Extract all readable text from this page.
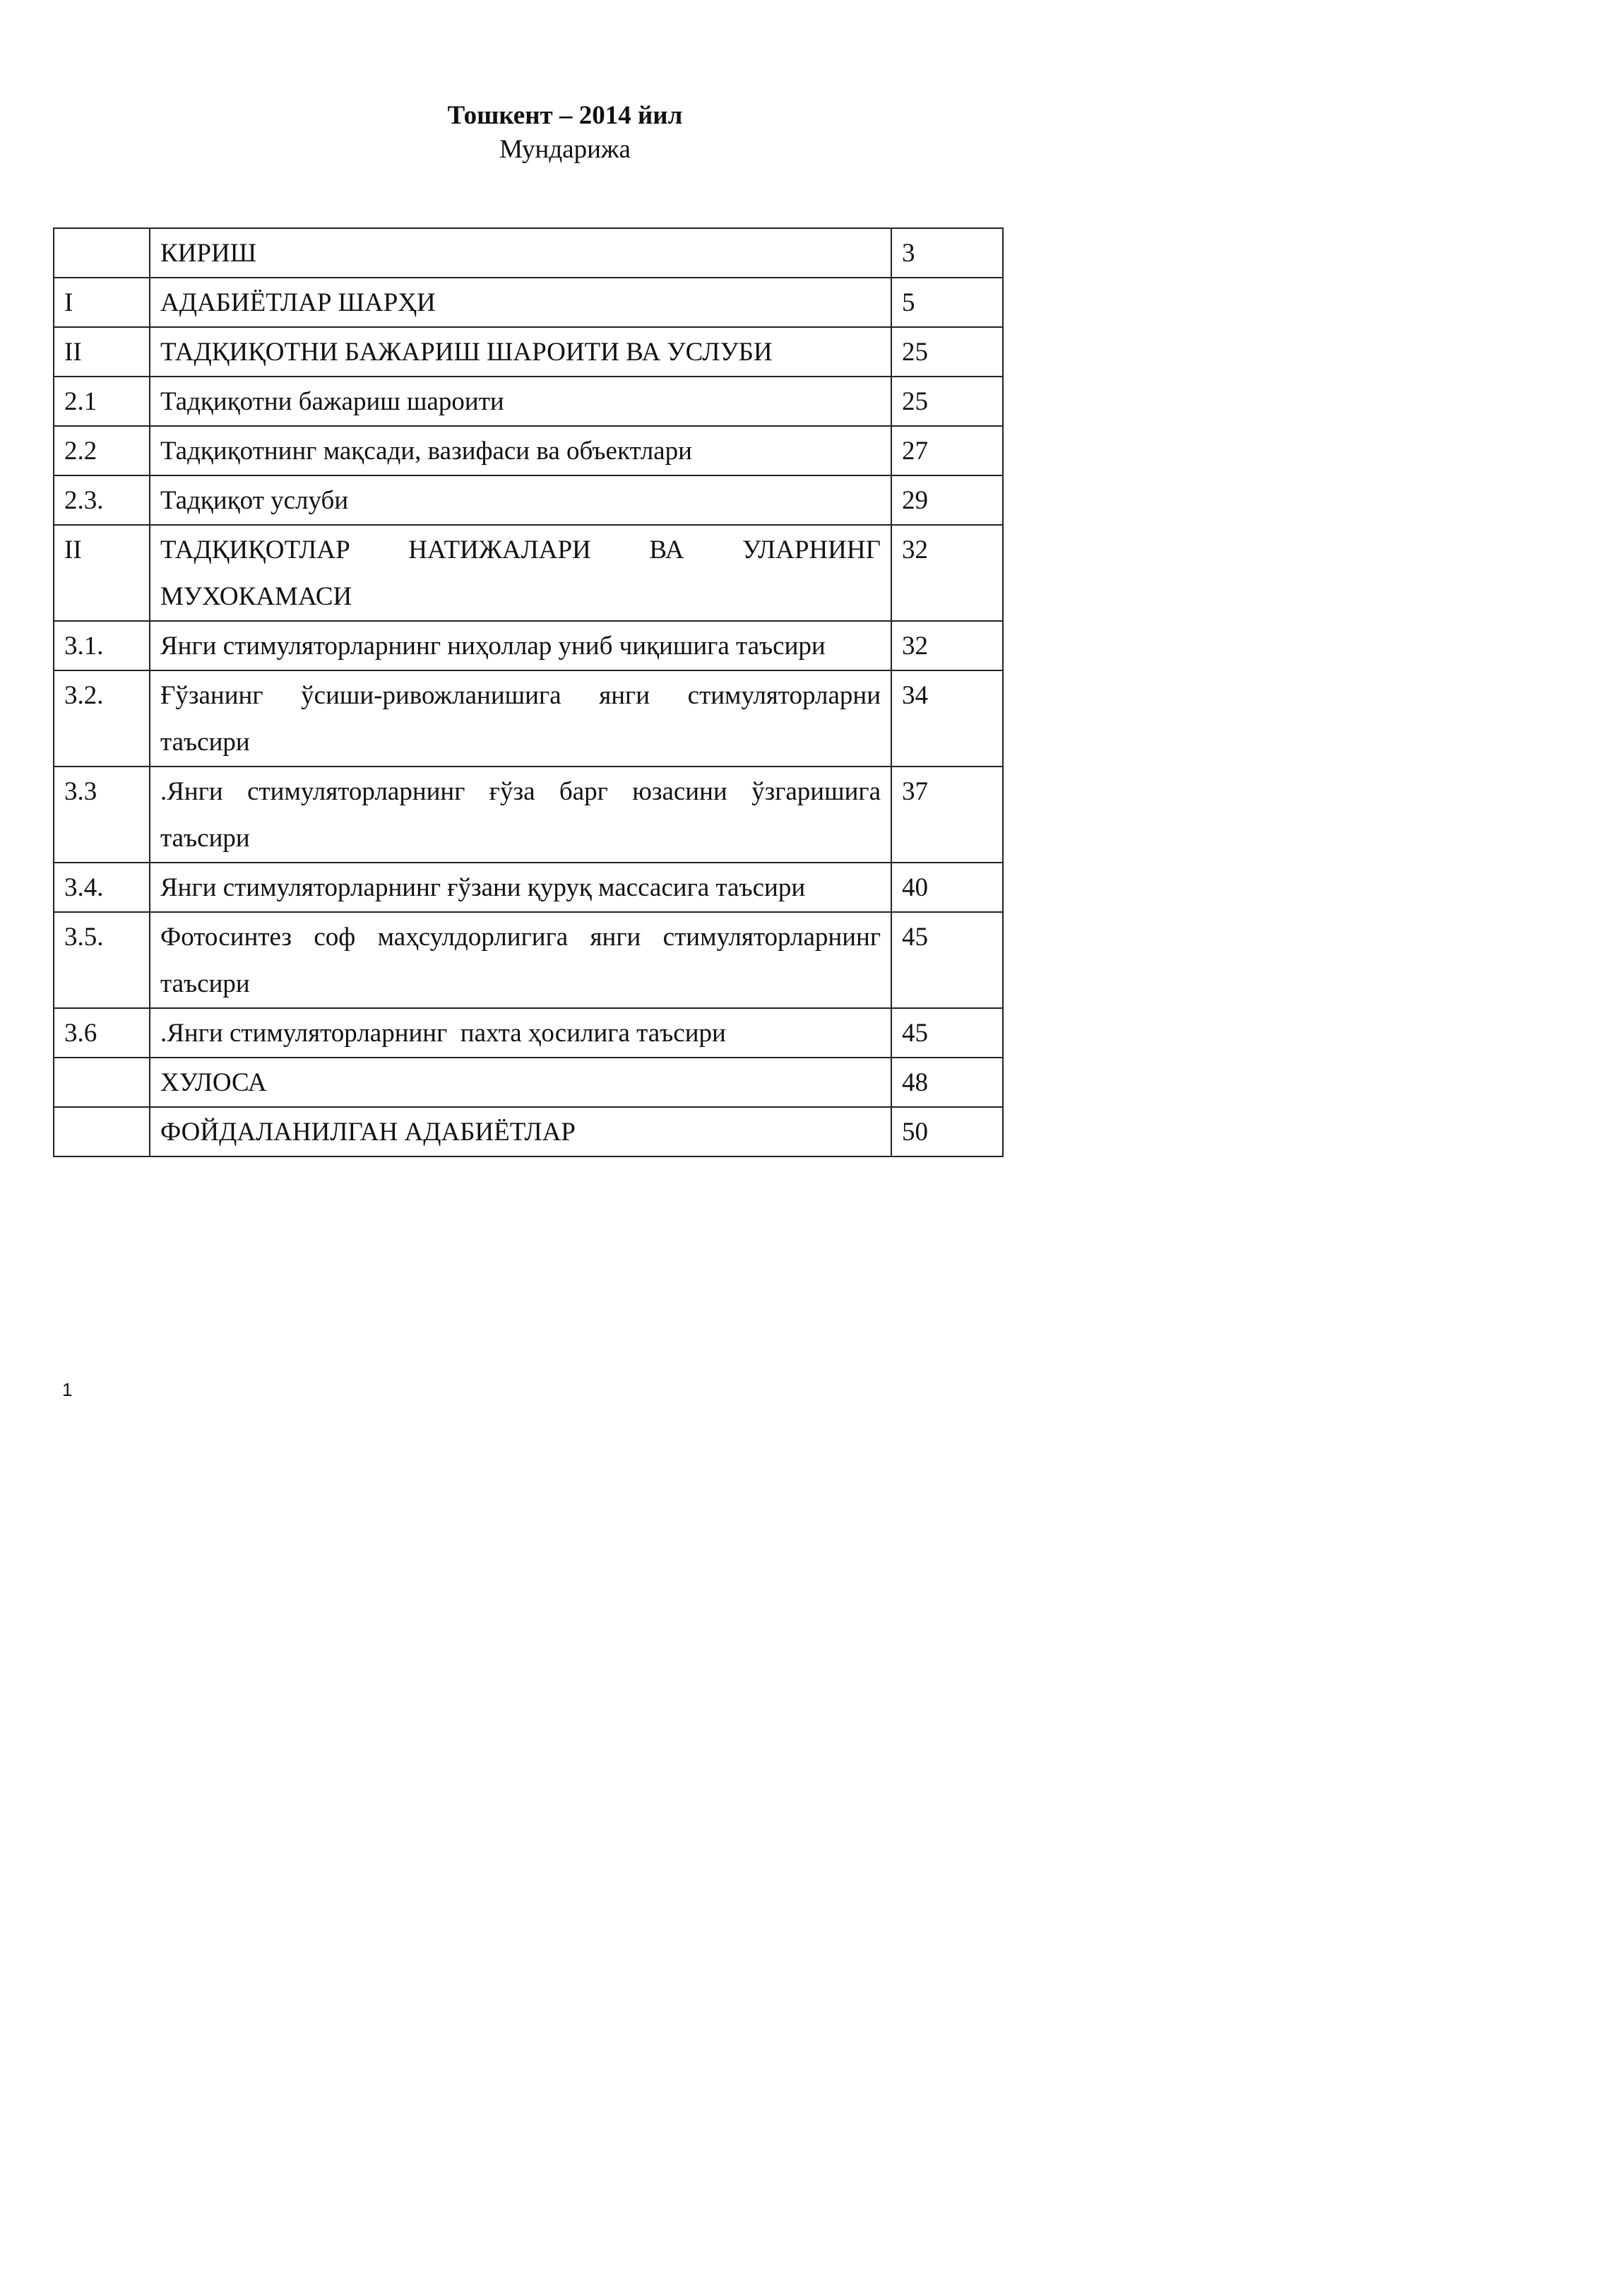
Тошкент – 2014 йил
Мундарижа
	КИРИШ	3
I	АДАБИЁТЛАР ШАРҲИ	5
II	ТАДҚИҚОТНИ БАЖАРИШ ШАРОИТИ ВА УСЛУБИ	25
2.1	Тадқиқотни бажариш шароити	25
2.2	Тадқиқотнинг мақсади, вазифаси ва объектлари	27
2.3.	Тадқиқот услуби	29
II	ТАДҚИҚОТЛАР НАТИЖАЛАРИ ВА УЛАРНИНГ МУХОКАМАСИ	32
3.1.	Янги стимуляторларнинг ниҳоллар униб чиқишига таъсири	32
3.2.	Ғўзанинг ўсиши-ривожланишига янги стимуляторларни таъсири	34
3.3	.Янги стимуляторларнинг ғўза барг юзасини ўзгаришига таъсири	37
3.4.	Янги стимуляторларнинг ғўзани қуруқ массасига таъсири	40
3.5.	Фотосинтез соф маҳсулдорлигига янги стимуляторларнинг таъсири	45
3.6	.Янги стимуляторларнинг  пахта ҳосилига таъсири	45
	ХУЛОСА	48
	ФОЙДАЛАНИЛГАН АДАБИЁТЛАР	50
1
